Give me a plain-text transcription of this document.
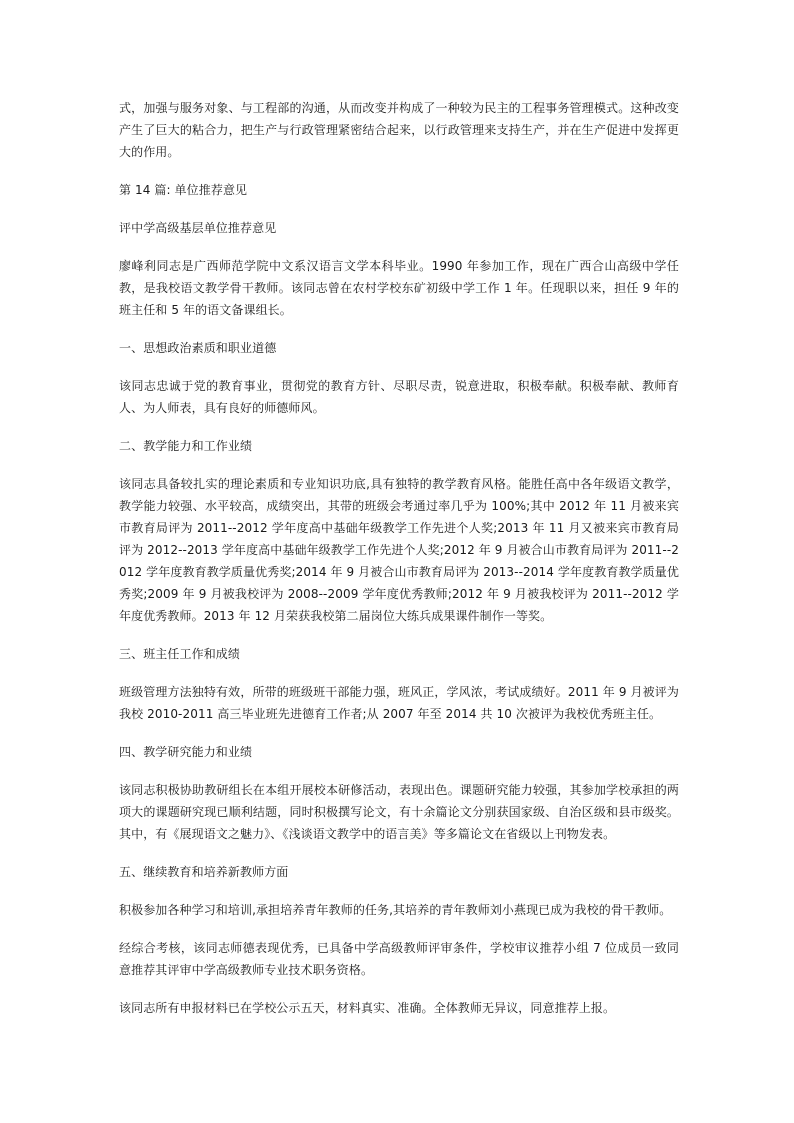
式，加强与服务对象、与工程部的沟通，从而改变并构成了一种较为民主的工程事务管理模式。这种改变产生了巨大的粘合力，把生产与行政管理紧密结合起来，以行政管理来支持生产，并在生产促进中发挥更大的作用。

第 14 篇: 单位推荐意见

评中学高级基层单位推荐意见

廖峰利同志是广西师范学院中文系汉语言文学本科毕业。1990 年参加工作，现在广西合山高级中学任教，是我校语文教学骨干教师。该同志曾在农村学校东矿初级中学工作 1 年。任现职以来，担任 9 年的班主任和 5 年的语文备课组长。

一、思想政治素质和职业道德

该同志忠诚于党的教育事业，贯彻党的教育方针、尽职尽责，锐意进取，积极奉献。积极奉献、教师育人、为人师表，具有良好的师德师风。

二、教学能力和工作业绩

该同志具备较扎实的理论素质和专业知识功底,具有独特的教学教育风格。能胜任高中各年级语文教学，教学能力较强、水平较高，成绩突出，其带的班级会考通过率几乎为 100%;其中 2012 年 11 月被来宾市教育局评为 2011--2012 学年度高中基础年级教学工作先进个人奖;2013 年 11 月又被来宾市教育局评为 2012--2013 学年度高中基础年级教学工作先进个人奖;2012 年 9 月被合山市教育局评为 2011--2012 学年度教育教学质量优秀奖;2014 年 9 月被合山市教育局评为 2013--2014 学年度教育教学质量优秀奖;2009 年 9 月被我校评为 2008--2009 学年度优秀教师;2012 年 9 月被我校评为 2011--2012 学年度优秀教师。2013 年 12 月荣获我校第二届岗位大练兵成果课件制作一等奖。

三、班主任工作和成绩

班级管理方法独特有效，所带的班级班干部能力强，班风正，学风浓，考试成绩好。2011 年 9 月被评为我校 2010-2011 高三毕业班先进德育工作者;从 2007 年至 2014 共 10 次被评为我校优秀班主任。

四、教学研究能力和业绩

该同志积极协助教研组长在本组开展校本研修活动，表现出色。课题研究能力较强，其参加学校承担的两项大的课题研究现已顺利结题，同时积极撰写论文，有十余篇论文分别获国家级、自治区级和县市级奖。其中，有《展现语文之魅力》、《浅谈语文教学中的语言美》等多篇论文在省级以上刊物发表。

五、继续教育和培养新教师方面

积极参加各种学习和培训,承担培养青年教师的任务,其培养的青年教师刘小燕现已成为我校的骨干教师。

经综合考核，该同志师德表现优秀，已具备中学高级教师评审条件，学校审议推荐小组 7 位成员一致同意推荐其评审中学高级教师专业技术职务资格。

该同志所有申报材料已在学校公示五天，材料真实、准确。全体教师无异议，同意推荐上报。
